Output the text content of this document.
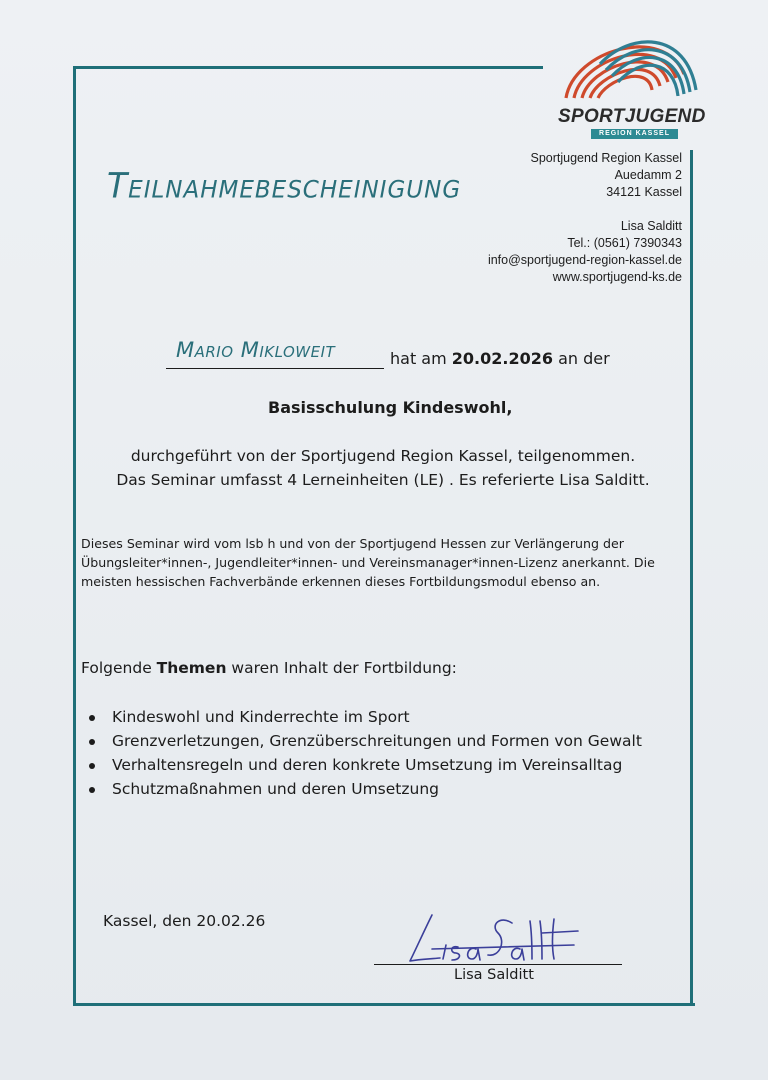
SPORTJUGEND
REGION KASSEL
Sportjugend Region Kassel
Auedamm 2
34121 Kassel
Lisa Salditt
Tel.: (0561) 7390343
info@sportjugend-region-kassel.de
www.sportjugend-ks.de
Teilnahmebescheinigung
Mario Mikloweit	hat am 20.02.2026 an der
Basisschulung Kindeswohl,
durchgeführt von der Sportjugend Region Kassel, teilgenommen.
Das Seminar umfasst 4 Lerneinheiten (LE) . Es referierte Lisa Salditt.
Dieses Seminar wird vom lsb h und von der Sportjugend Hessen zur Verlängerung der Übungsleiter*innen-, Jugendleiter*innen- und Vereinsmanager*innen-Lizenz anerkannt. Die meisten hessischen Fachverbände erkennen dieses Fortbildungsmodul ebenso an.
Folgende Themen waren Inhalt der Fortbildung:
Kindeswohl und Kinderrechte im Sport
Grenzverletzungen, Grenzüberschreitungen und Formen von Gewalt
Verhaltensregeln und deren konkrete Umsetzung im Vereinsalltag
Schutzmaßnahmen und deren Umsetzung
Kassel, den 20.02.26
Lisa Salditt
